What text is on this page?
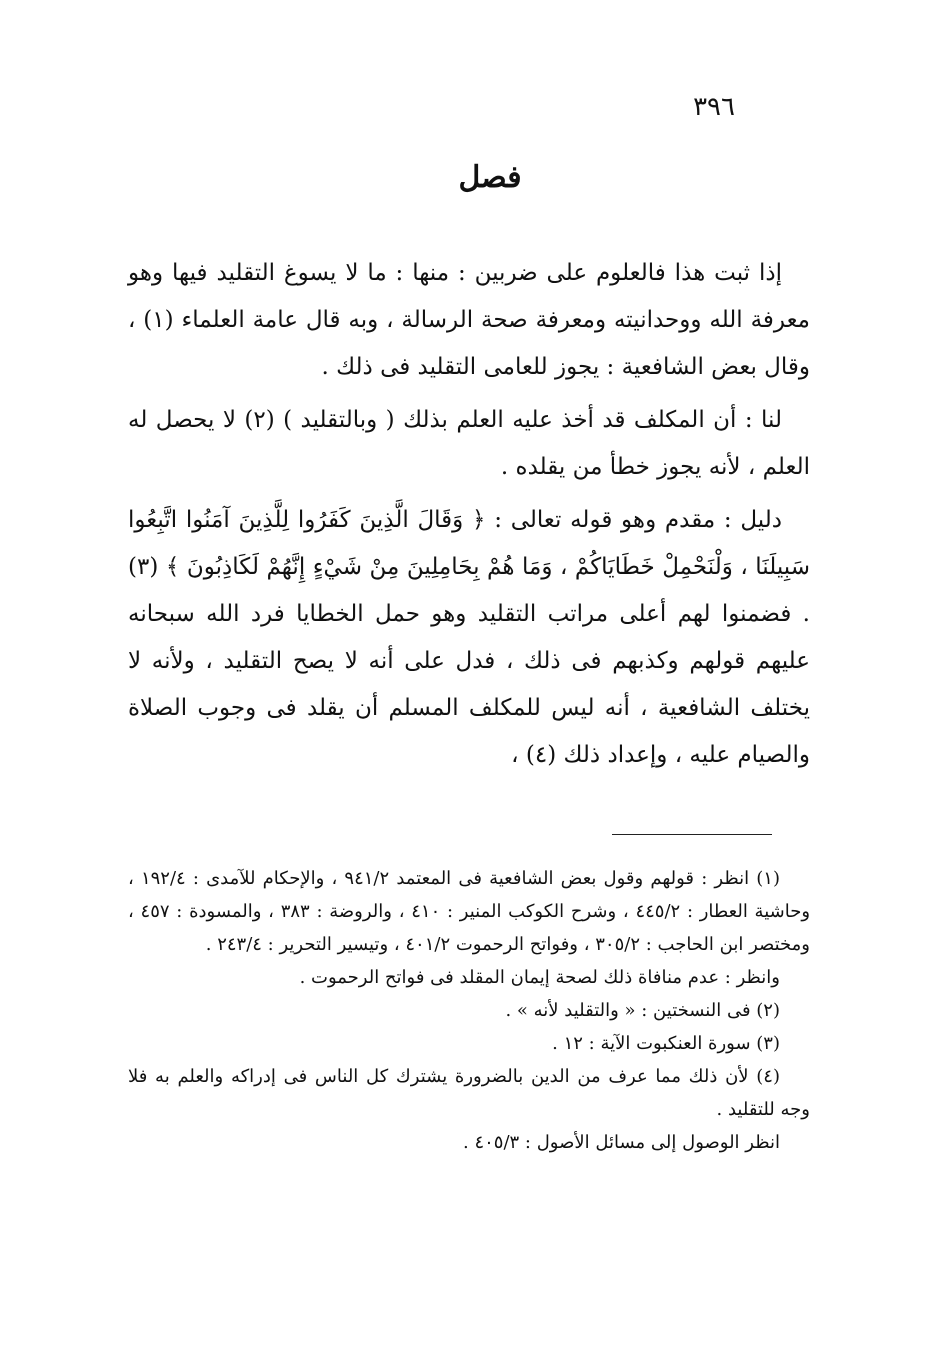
٣٩٦
فصل

إذا ثبت هذا فالعلوم على ضربين : منها : ما لا يسوغ التقليد فيها وهو معرفة الله ووحدانيته ومعرفة صحة الرسالة ، وبه قال عامة العلماء (١) ، وقال بعض الشافعية : يجوز للعامى التقليد فى ذلك .

لنا : أن المكلف قد أخذ عليه العلم بذلك ( وبالتقليد ) (٢) لا يحصل له العلم ، لأنه يجوز خطأ من يقلده .

دليل : مقدم وهو قوله تعالى : ﴿ وَقَالَ الَّذِينَ كَفَرُوا لِلَّذِينَ آمَنُوا اتَّبِعُوا سَبِيلَنَا ، وَلْنَحْمِلْ خَطَايَاكُمْ ، وَمَا هُمْ بِحَامِلِينَ مِنْ شَيْءٍ إِنَّهُمْ لَكَاذِبُونَ ﴾ (٣) . فضمنوا لهم أعلى مراتب التقليد وهو حمل الخطايا فرد الله سبحانه عليهم قولهم وكذبهم فى ذلك ، فدل على أنه لا يصح التقليد ، ولأنه لا يختلف الشافعية ، أنه ليس للمكلف المسلم أن يقلد فى وجوب الصلاة والصيام عليه ، وإعداد ذلك (٤) ،

(١) انظر : قولهم وقول بعض الشافعية فى المعتمد ٩٤١/٢ ، والإحكام للآمدى : ١٩٢/٤ ، وحاشية العطار : ٤٤٥/٢ ، وشرح الكوكب المنير : ٤١٠ ، والروضة : ٣٨٣ ، والمسودة : ٤٥٧ ، ومختصر ابن الحاجب : ٣٠٥/٢ ، وفواتح الرحموت ٤٠١/٢ ، وتيسير التحرير : ٢٤٣/٤ .

وانظر : عدم منافاة ذلك لصحة إيمان المقلد فى فواتح الرحموت .

(٢) فى النسختين : « والتقليد لأنه » .

(٣) سورة العنكبوت الآية : ١٢ .

(٤) لأن ذلك مما عرف من الدين بالضرورة يشترك كل الناس فى إدراكه والعلم به فلا وجه للتقليد .

انظر الوصول إلى مسائل الأصول : ٤٠٥/٣ .
